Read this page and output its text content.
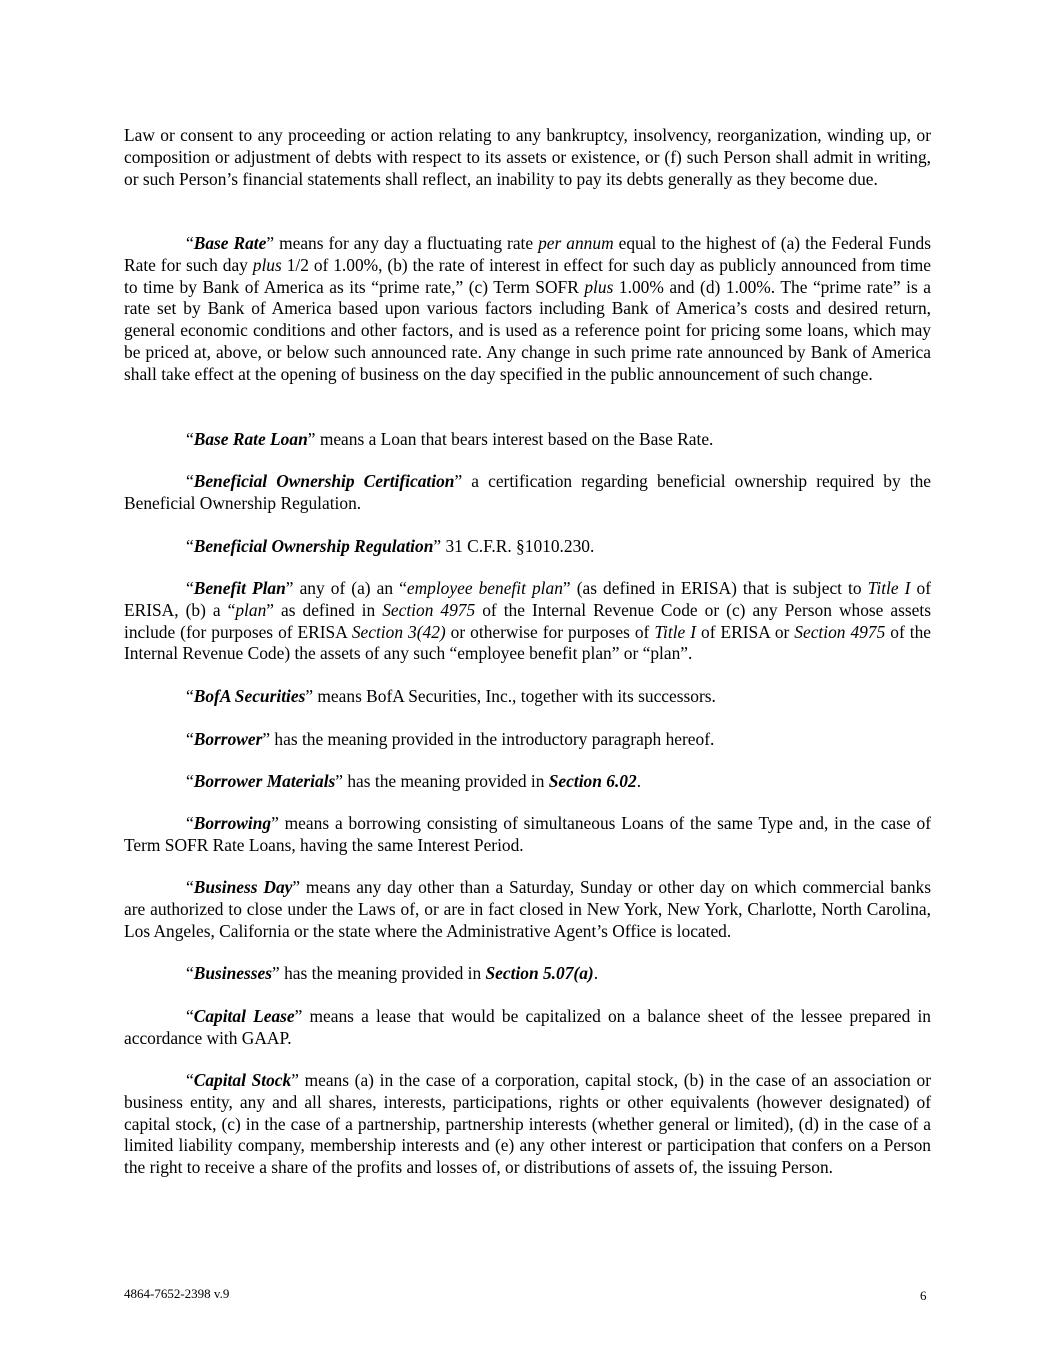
Law or consent to any proceeding or action relating to any bankruptcy, insolvency, reorganization, winding up, or composition or adjustment of debts with respect to its assets or existence, or (f) such Person shall admit in writing, or such Person’s financial statements shall reflect, an inability to pay its debts generally as they become due.

“Base Rate” means for any day a fluctuating rate per annum equal to the highest of (a) the Federal Funds Rate for such day plus 1/2 of 1.00%, (b) the rate of interest in effect for such day as publicly announced from time to time by Bank of America as its “prime rate,” (c) Term SOFR plus 1.00% and (d) 1.00%. The “prime rate” is a rate set by Bank of America based upon various factors including Bank of America’s costs and desired return, general economic conditions and other factors, and is used as a reference point for pricing some loans, which may be priced at, above, or below such announced rate. Any change in such prime rate announced by Bank of America shall take effect at the opening of business on the day specified in the public announcement of such change.

“Base Rate Loan” means a Loan that bears interest based on the Base Rate.

“Beneficial Ownership Certification” a certification regarding beneficial ownership required by the Beneficial Ownership Regulation.

“Beneficial Ownership Regulation” 31 C.F.R. §1010.230.

“Benefit Plan” any of (a) an “employee benefit plan” (as defined in ERISA) that is subject to Title I of ERISA, (b) a “plan” as defined in Section 4975 of the Internal Revenue Code or (c) any Person whose assets include (for purposes of ERISA Section 3(42) or otherwise for purposes of Title I of ERISA or Section 4975 of the Internal Revenue Code) the assets of any such “employee benefit plan” or “plan”.

“BofA Securities” means BofA Securities, Inc., together with its successors.

“Borrower” has the meaning provided in the introductory paragraph hereof.

“Borrower Materials” has the meaning provided in Section 6.02.

“Borrowing” means a borrowing consisting of simultaneous Loans of the same Type and, in the case of Term SOFR Rate Loans, having the same Interest Period.

“Business Day” means any day other than a Saturday, Sunday or other day on which commercial banks are authorized to close under the Laws of, or are in fact closed in New York, New York, Charlotte, North Carolina, Los Angeles, California or the state where the Administrative Agent’s Office is located.

“Businesses” has the meaning provided in Section 5.07(a).

“Capital Lease” means a lease that would be capitalized on a balance sheet of the lessee prepared in accordance with GAAP.

“Capital Stock” means (a) in the case of a corporation, capital stock, (b) in the case of an association or business entity, any and all shares, interests, participations, rights or other equivalents (however designated) of capital stock, (c) in the case of a partnership, partnership interests (whether general or limited), (d) in the case of a limited liability company, membership interests and (e) any other interest or participation that confers on a Person the right to receive a share of the profits and losses of, or distributions of assets of, the issuing Person.

4864-7652-2398 v.9	6
